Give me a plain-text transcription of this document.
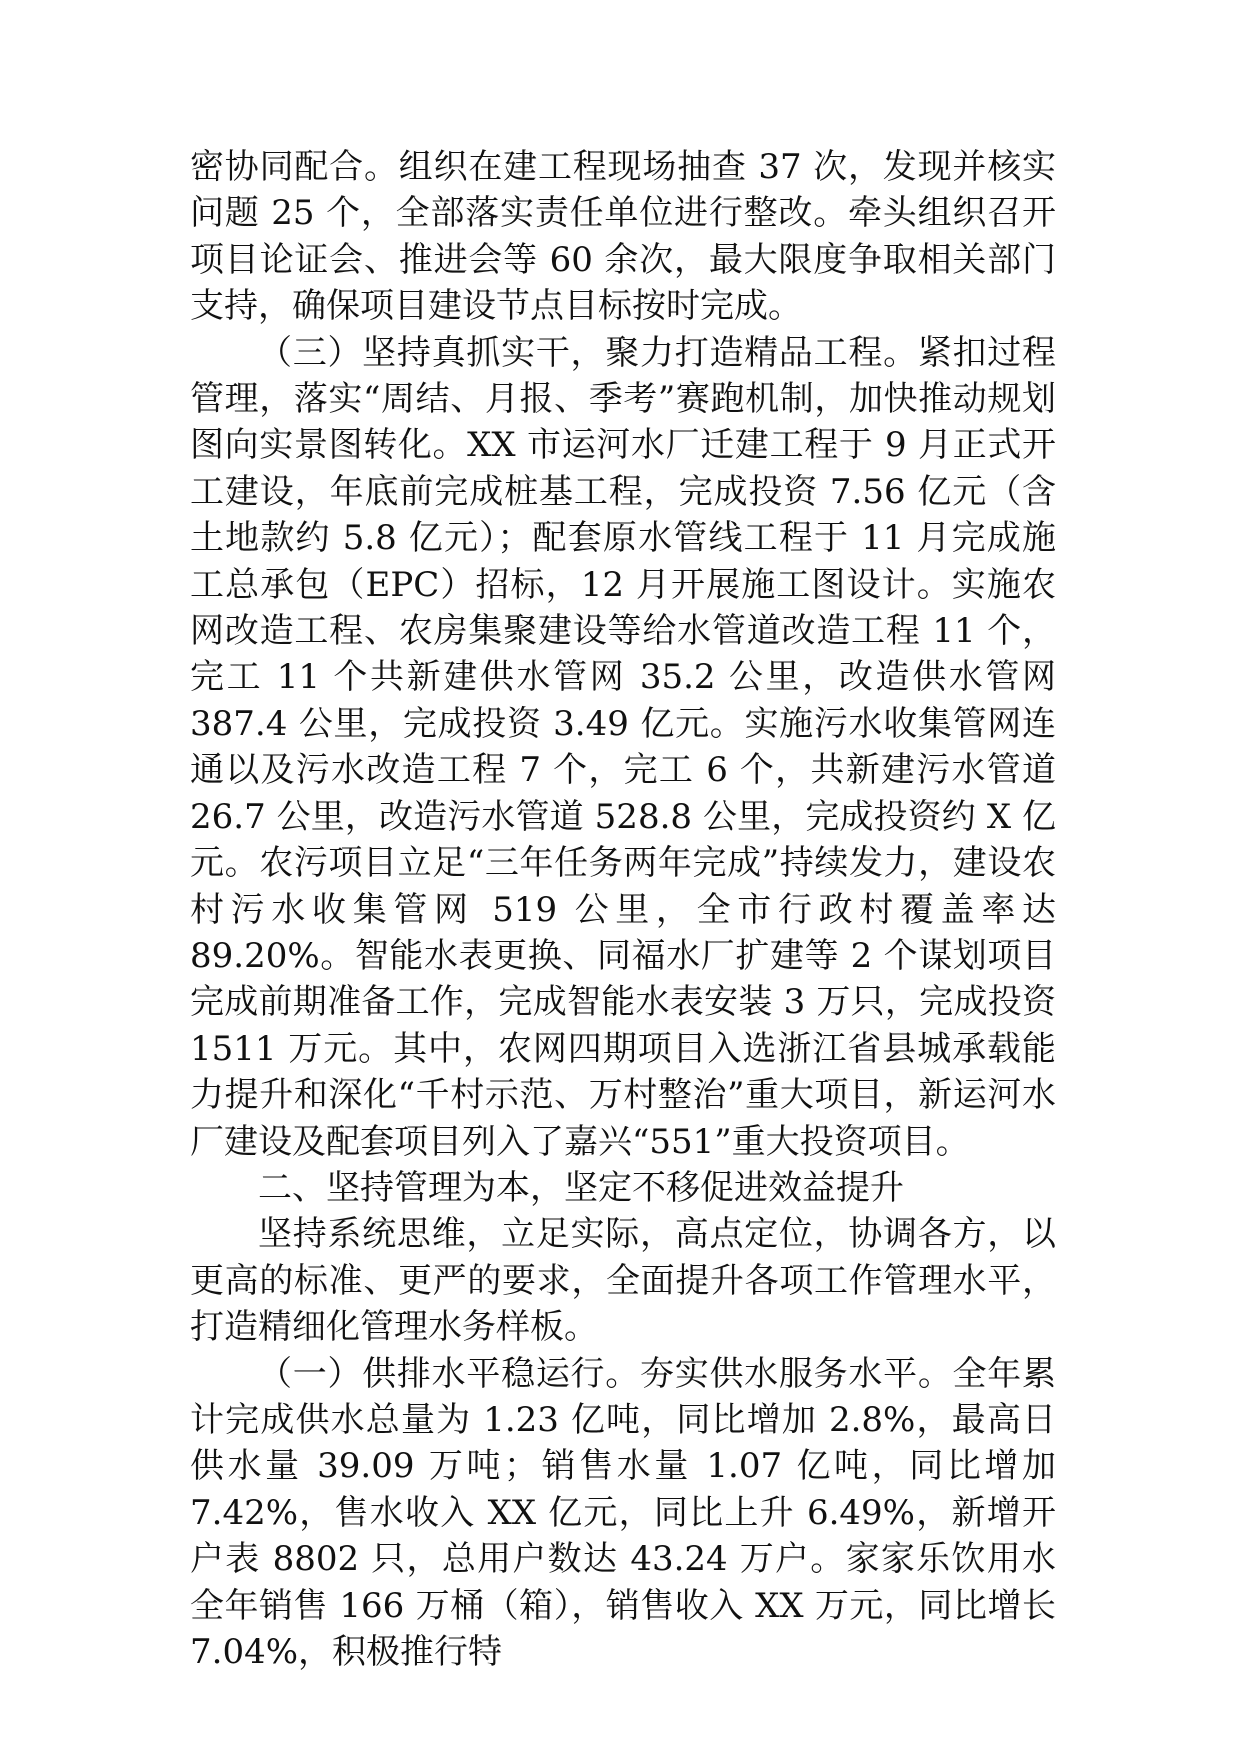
密协同配合。组织在建工程现场抽查 37 次，发现并核实问题 25 个，全部落实责任单位进行整改。牵头组织召开项目论证会、推进会等 60 余次，最大限度争取相关部门支持，确保项目建设节点目标按时完成。

（三）坚持真抓实干，聚力打造精品工程。紧扣过程管理，落实“周结、月报、季考”赛跑机制，加快推动规划图向实景图转化。XX 市运河水厂迁建工程于 9 月正式开工建设，年底前完成桩基工程，完成投资 7.56 亿元（含土地款约 5.8 亿元）；配套原水管线工程于 11 月完成施工总承包（EPC）招标，12 月开展施工图设计。实施农网改造工程、农房集聚建设等给水管道改造工程 11 个，完工 11 个共新建供水管网 35.2 公里，改造供水管网 387.4 公里，完成投资 3.49 亿元。实施污水收集管网连通以及污水改造工程 7 个，完工 6 个，共新建污水管道 26.7 公里，改造污水管道 528.8 公里，完成投资约 X 亿元。农污项目立足“三年任务两年完成”持续发力，建设农村污水收集管网 519 公里，全市行政村覆盖率达 89.20%。智能水表更换、同福水厂扩建等 2 个谋划项目完成前期准备工作，完成智能水表安装 3 万只，完成投资 1511 万元。其中，农网四期项目入选浙江省县城承载能力提升和深化“千村示范、万村整治”重大项目，新运河水厂建设及配套项目列入了嘉兴“551”重大投资项目。

二、坚持管理为本，坚定不移促进效益提升

坚持系统思维，立足实际，高点定位，协调各方，以更高的标准、更严的要求，全面提升各项工作管理水平，打造精细化管理水务样板。

（一）供排水平稳运行。夯实供水服务水平。全年累计完成供水总量为 1.23 亿吨，同比增加 2.8%，最高日供水量 39.09 万吨；销售水量 1.07 亿吨，同比增加 7.42%，售水收入 XX 亿元，同比上升 6.49%，新增开户表 8802 只，总用户数达 43.24 万户。家家乐饮用水全年销售 166 万桶（箱），销售收入 XX 万元，同比增长 7.04%，积极推行特
